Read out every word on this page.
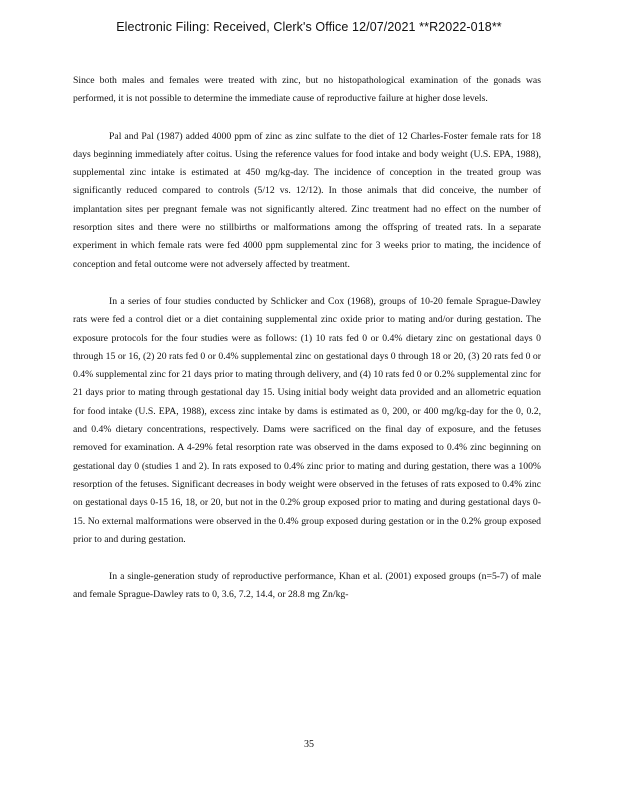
Electronic Filing: Received, Clerk's Office 12/07/2021 **R2022-018**

Since both males and females were treated with zinc, but no histopathological examination of the gonads was performed, it is not possible to determine the immediate cause of reproductive failure at higher dose levels.

Pal and Pal (1987) added 4000 ppm of zinc as zinc sulfate to the diet of 12 Charles-Foster female rats for 18 days beginning immediately after coitus. Using the reference values for food intake and body weight (U.S. EPA, 1988), supplemental zinc intake is estimated at 450 mg/kg-day. The incidence of conception in the treated group was significantly reduced compared to controls (5/12 vs. 12/12). In those animals that did conceive, the number of implantation sites per pregnant female was not significantly altered. Zinc treatment had no effect on the number of resorption sites and there were no stillbirths or malformations among the offspring of treated rats. In a separate experiment in which female rats were fed 4000 ppm supplemental zinc for 3 weeks prior to mating, the incidence of conception and fetal outcome were not adversely affected by treatment.

In a series of four studies conducted by Schlicker and Cox (1968), groups of 10-20 female Sprague-Dawley rats were fed a control diet or a diet containing supplemental zinc oxide prior to mating and/or during gestation. The exposure protocols for the four studies were as follows: (1) 10 rats fed 0 or 0.4% dietary zinc on gestational days 0 through 15 or 16, (2) 20 rats fed 0 or 0.4% supplemental zinc on gestational days 0 through 18 or 20, (3) 20 rats fed 0 or 0.4% supplemental zinc for 21 days prior to mating through delivery, and (4) 10 rats fed 0 or 0.2% supplemental zinc for 21 days prior to mating through gestational day 15. Using initial body weight data provided and an allometric equation for food intake (U.S. EPA, 1988), excess zinc intake by dams is estimated as 0, 200, or 400 mg/kg-day for the 0, 0.2, and 0.4% dietary concentrations, respectively. Dams were sacrificed on the final day of exposure, and the fetuses removed for examination. A 4-29% fetal resorption rate was observed in the dams exposed to 0.4% zinc beginning on gestational day 0 (studies 1 and 2). In rats exposed to 0.4% zinc prior to mating and during gestation, there was a 100% resorption of the fetuses. Significant decreases in body weight were observed in the fetuses of rats exposed to 0.4% zinc on gestational days 0-15 16, 18, or 20, but not in the 0.2% group exposed prior to mating and during gestational days 0-15. No external malformations were observed in the 0.4% group exposed during gestation or in the 0.2% group exposed prior to and during gestation.

In a single-generation study of reproductive performance, Khan et al. (2001) exposed groups (n=5-7) of male and female Sprague-Dawley rats to 0, 3.6, 7.2, 14.4, or 28.8 mg Zn/kg-

35
